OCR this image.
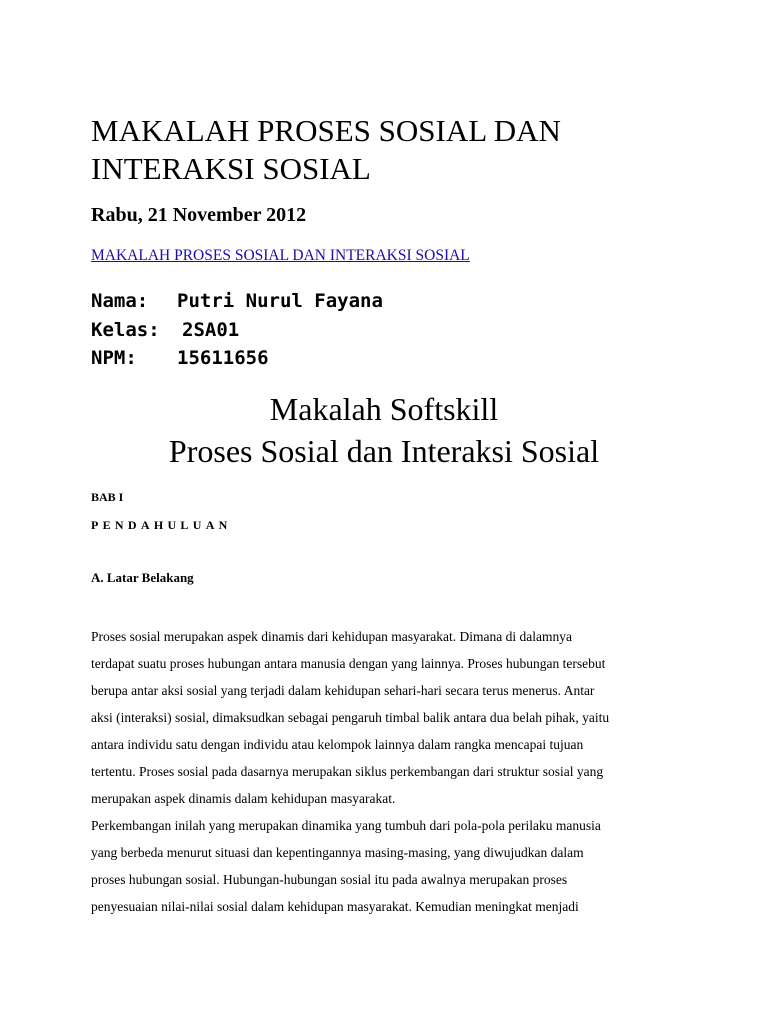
MAKALAH PROSES SOSIAL DAN
INTERAKSI SOSIAL

Rabu, 21 November 2012

MAKALAH PROSES SOSIAL DAN INTERAKSI SOSIAL
Nama:	Putri Nurul Fayana
Kelas:	2SA01
NPM:	15611656
Makalah Softskill
Proses Sosial dan Interaksi Sosial
BAB I
PENDAHULUAN
A. Latar Belakang
Proses sosial merupakan aspek dinamis dari kehidupan masyarakat. Dimana di dalamnya
terdapat suatu proses hubungan antara manusia dengan yang lainnya. Proses hubungan tersebut
berupa antar aksi sosial yang terjadi dalam kehidupan sehari-hari secara terus menerus. Antar
aksi (interaksi) sosial, dimaksudkan sebagai pengaruh timbal balik antara dua belah pihak, yaitu
antara individu satu dengan individu atau kelompok lainnya dalam rangka mencapai tujuan
tertentu. Proses sosial pada dasarnya merupakan siklus perkembangan dari struktur sosial yang
merupakan aspek dinamis dalam kehidupan masyarakat.
Perkembangan inilah yang merupakan dinamika yang tumbuh dari pola-pola perilaku manusia
yang berbeda menurut situasi dan kepentingannya masing-masing, yang diwujudkan dalam
proses hubungan sosial. Hubungan-hubungan sosial itu pada awalnya merupakan proses
penyesuaian nilai-nilai sosial dalam kehidupan masyarakat. Kemudian meningkat menjadi
